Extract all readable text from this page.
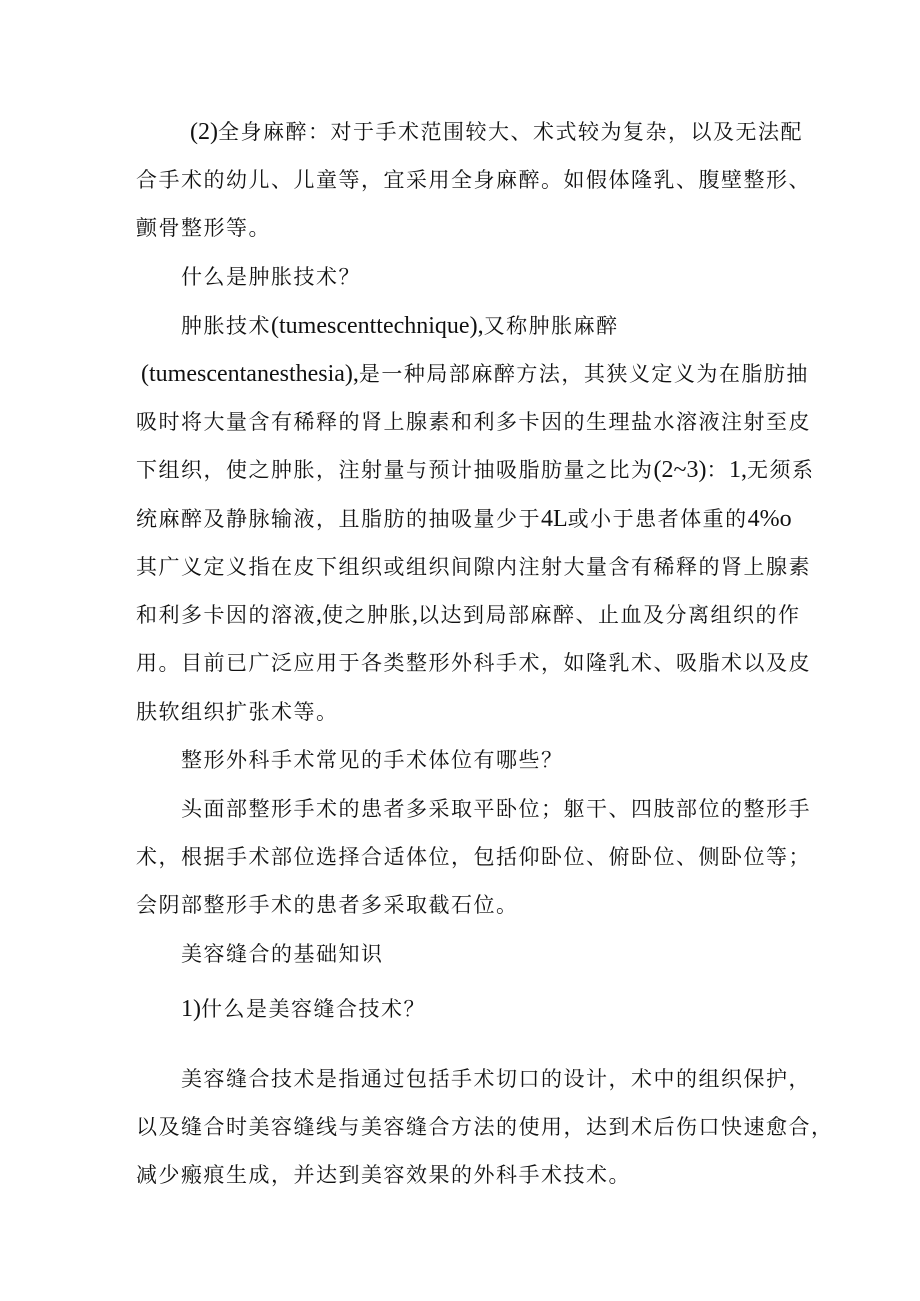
(2)全身麻醉：对于手术范围较大、术式较为复杂，以及无法配

合手术的幼儿、儿童等，宜采用全身麻醉。如假体隆乳、腹壁整形、

颤骨整形等。

什么是肿胀技术？

肿胀技术(tumescenttechnique),又称肿胀麻醉

(tumescentanesthesia),是一种局部麻醉方法，其狭义定义为在脂肪抽

吸时将大量含有稀释的肾上腺素和利多卡因的生理盐水溶液注射至皮

下组织，使之肿胀，注射量与预计抽吸脂肪量之比为(2~3)：1,无须系

统麻醉及静脉输液，且脂肪的抽吸量少于4L或小于患者体重的4%o

其广义定义指在皮下组织或组织间隙内注射大量含有稀释的肾上腺素

和利多卡因的溶液,使之肿胀,以达到局部麻醉、止血及分离组织的作

用。目前已广泛应用于各类整形外科手术，如隆乳术、吸脂术以及皮

肤软组织扩张术等。

整形外科手术常见的手术体位有哪些？

头面部整形手术的患者多采取平卧位；躯干、四肢部位的整形手

术，根据手术部位选择合适体位，包括仰卧位、俯卧位、侧卧位等；

会阴部整形手术的患者多采取截石位。

美容缝合的基础知识

1)什么是美容缝合技术？

美容缝合技术是指通过包括手术切口的设计，术中的组织保护，

以及缝合时美容缝线与美容缝合方法的使用，达到术后伤口快速愈合，

减少瘢痕生成，并达到美容效果的外科手术技术。
